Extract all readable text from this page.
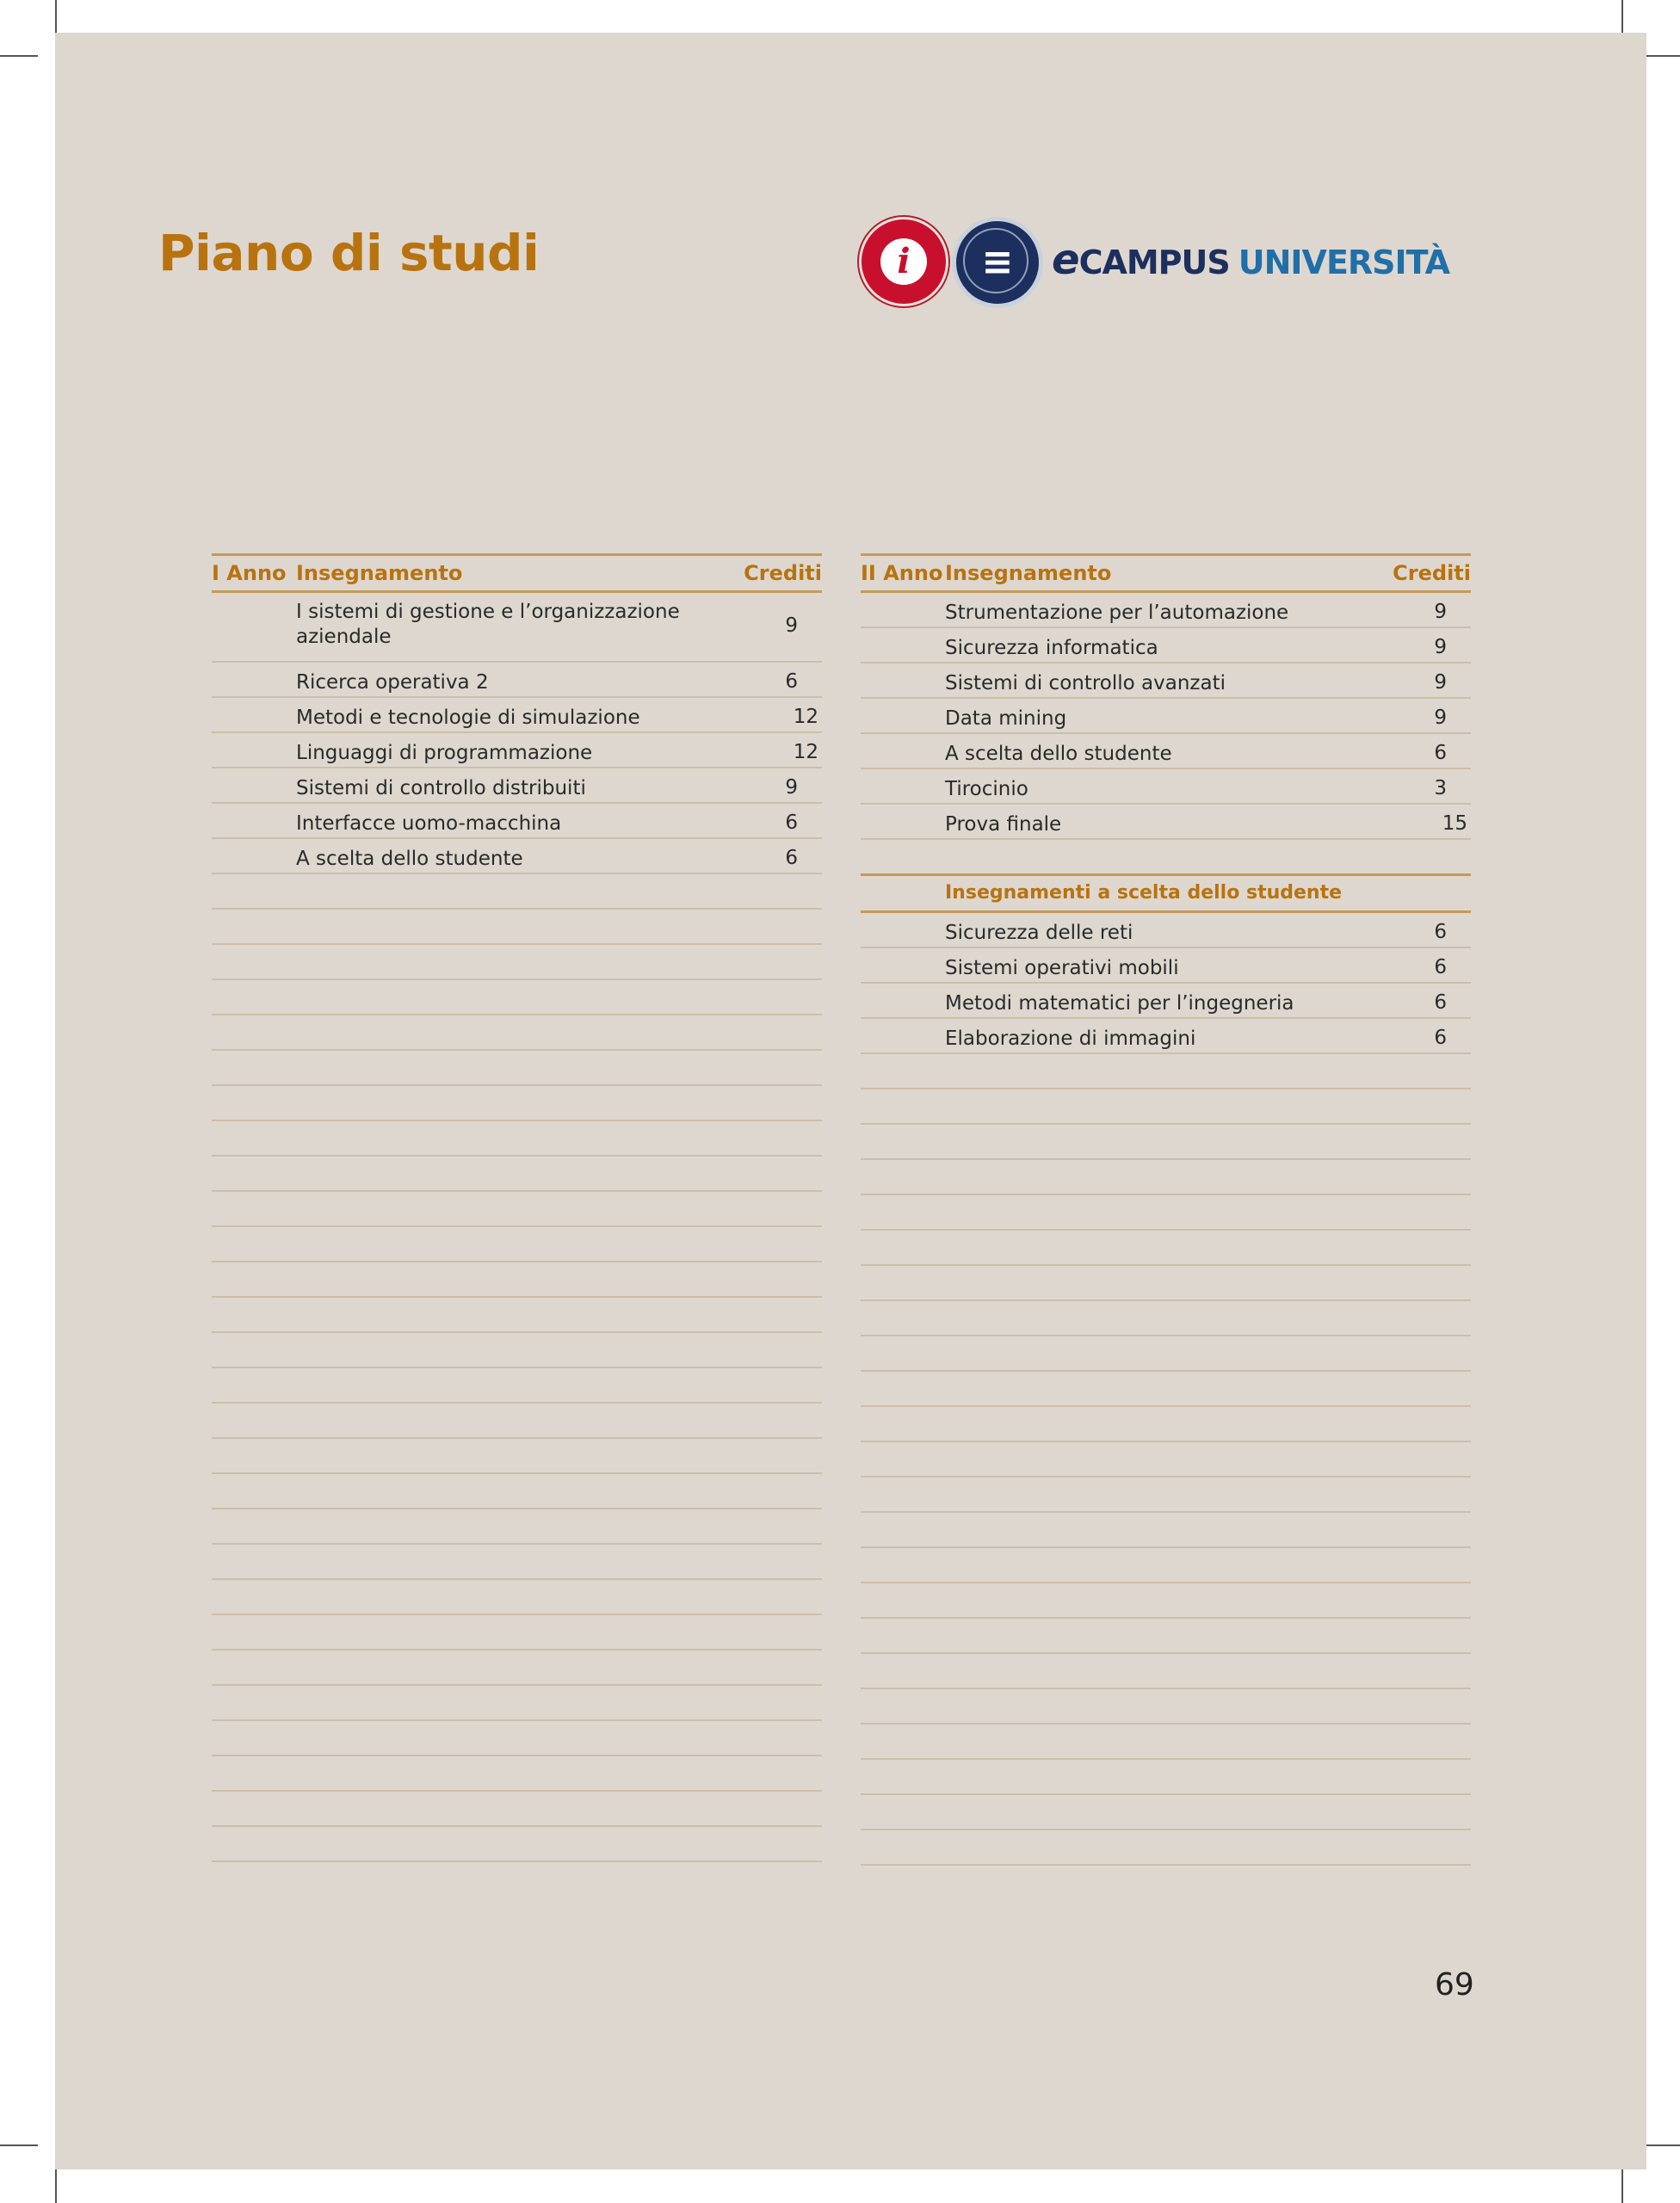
Piano di studi	i	≡ eCAMPUS UNIVERSITÀ
I Anno Insegnamento	Crediti
I sistemi di gestione e l’organizzazione aziendale	9
Ricerca operativa 2	6
Metodi e tecnologie di simulazione	12
Linguaggi di programmazione	12
Sistemi di controllo distribuiti	9
Interfacce uomo-macchina	6
A scelta dello studente	6
II Anno Insegnamento	Crediti
Strumentazione per l’automazione	9
Sicurezza informatica	9
Sistemi di controllo avanzati	9
Data mining	9
A scelta dello studente	6
Tirocinio	3
Prova finale	15
Insegnamenti a scelta dello studente
Sicurezza delle reti	6
Sistemi operativi mobili	6
Metodi matematici per l’ingegneria	6
Elaborazione di immagini	6
69
